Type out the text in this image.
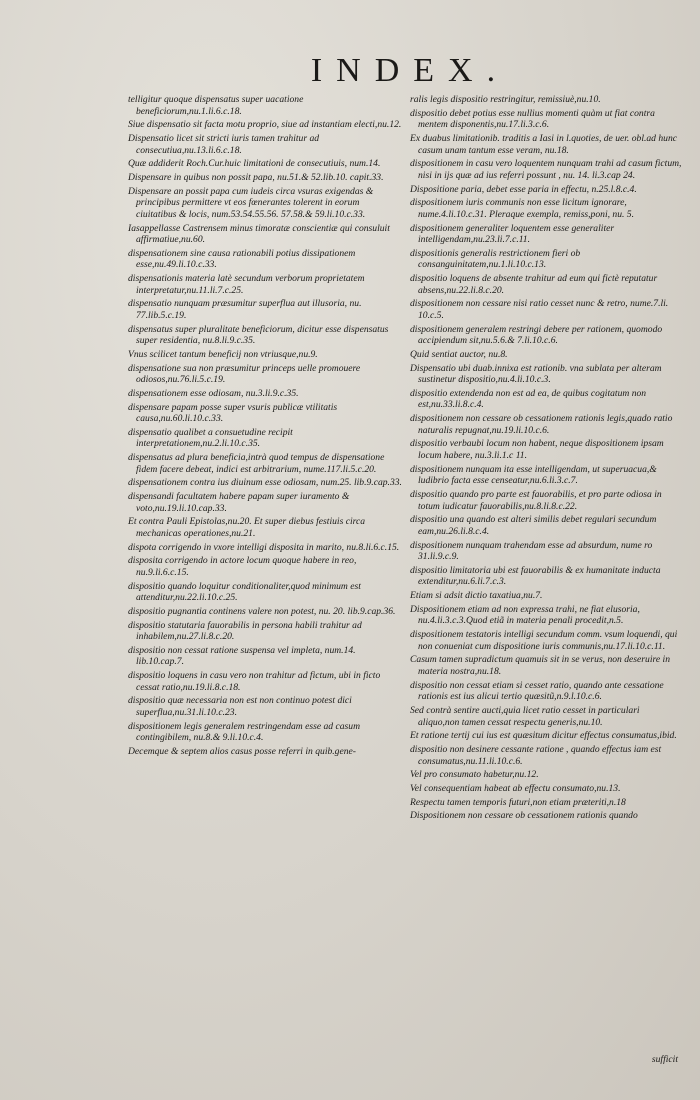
INDEX.

telligitur quoque dispensatus super uacatione beneficiorum,nu.1.li.6.c.18.

Siue dispensatio sit facta motu proprio, siue ad instantiam electi,nu.12.

Dispensatio licet sit stricti iuris tamen trahitur ad consecutiua,nu.13.li.6.c.18.

Quæ addiderit Roch.Cur.huic limitationi de consecutiuis, num.14.

Dispensare in quibus non possit papa, nu.51.& 52.lib.10. capit.33.

Dispensare an possit papa cum iudeis circa vsuras exigendas & principibus permittere vt eos fœnerantes tolerent in eorum ciuitatibus & locis, num.53.54.55.56. 57.58.& 59.li.10.c.33.

Iasappellasse Castrensem minus timoratæ conscientiæ qui consuluit affirmatiue,nu.60.

dispensationem sine causa rationabili potius dissipationem esse,nu.49.li.10.c.33.

dispensationis materia latè secundum verborum proprietatem interpretatur,nu.11.li.7.c.25.

dispensatio nunquam præsumitur superflua aut illusoria, nu. 77.lib.5.c.19.

dispensatus super pluralitate beneficiorum, dicitur esse dispensatus super residentia, nu.8.li.9.c.35.

Vnus scilicet tantum beneficij non vtriusque,nu.9.

dispensatione sua non præsumitur princeps uelle promouere odiosos,nu.76.li.5.c.19.

dispensationem esse odiosam, nu.3.li.9.c.35.

dispensare papam posse super vsuris publicæ vtilitatis causa,nu.60.li.10.c.33.

dispensatio qualibet a consuetudine recipit interpretationem,nu.2.li.10.c.35.

dispensatus ad plura beneficia,intrà quod tempus de dispensatione fidem facere debeat, indici est arbitrarium, nume.117.li.5.c.20.

dispensationem contra ius diuinum esse odiosam, num.25. lib.9.cap.33.

dispensandi facultatem habere papam super iuramento & voto,nu.19.li.10.cap.33.

Et contra Pauli Epistolas,nu.20. Et super diebus festiuis circa mechanicas operationes,nu.21.

dispota corrigendo in vxore intelligi disposita in marito, nu.8.li.6.c.15.

disposita corrigendo in actore locum quoque habere in reo, nu.9.li.6.c.15.

dispositio quando loquitur conditionaliter,quod minimum est attenditur,nu.22.li.10.c.25.

dispositio pugnantia continens valere non potest, nu. 20. lib.9.cap.36.

dispositio statutaria fauorabilis in persona habili trahitur ad inhabilem,nu.27.li.8.c.20.

dispositio non cessat ratione suspensa vel impleta, num.14. lib.10.cap.7.

dispositio loquens in casu vero non trahitur ad fictum, ubi in ficto cessat ratio,nu.19.li.8.c.18.

dispositio quæ necessaria non est non continuo potest dici superflua,nu.31.li.10.c.23.

dispositionem legis generalem restringendam esse ad casum contingibilem, nu.8.& 9.li.10.c.4.

Decemque & septem alios casus posse referri in quib.gene-

ralis legis dispositio restringitur, remissiuè,nu.10.

dispositio debet potius esse nullius momenti quàm ut fiat contra mentem disponentis,nu.17.li.3.c.6.

Ex duabus limitationib. traditis a Iasi in l.quoties, de uer. obl.ad hunc casum unam tantum esse veram, nu.18.

dispositionem in casu vero loquentem nunquam trahi ad casum fictum, nisi in ijs quæ ad ius referri possunt , nu. 14. li.3.cap 24.

Dispositione paria, debet esse paria in effectu, n.25.l.8.c.4.

dispositionem iuris communis non esse licitum ignorare, nume.4.li.10.c.31. Pleraque exempla, remiss,poni, nu. 5.

dispositionem generaliter loquentem esse generaliter intelligendam,nu.23.li.7.c.11.

dispositionis generalis restrictionem fieri ob consanguinitatem,nu.1.li.10.c.13.

dispositio loquens de absente trahitur ad eum qui fictè reputatur absens,nu.22.li.8.c.20.

dispositionem non cessare nisi ratio cesset nunc & retro, nume.7.li. 10.c.5.

dispositionem generalem restringi debere per rationem, quomodo accipiendum sit,nu.5.6.& 7.li.10.c.6.

Quid sentiat auctor, nu.8.

Dispensatio ubi duab.innixa est rationib. vna sublata per alteram sustinetur dispositio,nu.4.li.10.c.3.

dispositio extendenda non est ad ea, de quibus cogitatum non est,nu.33.li.8.c.4.

dispositionem non cessare ob cessationem rationis legis,quado ratio naturalis repugnat,nu.19.li.10.c.6.

dispositio verbaubi locum non habent, neque dispositionem ipsam locum habere, nu.3.li.1.c 11.

dispositionem nunquam ita esse intelligendam, ut superuacua,& ludibrio facta esse censeatur,nu.6.li.3.c.7.

dispositio quando pro parte est fauorabilis, et pro parte odiosa in totum iudicatur fauorabilis,nu.8.li.8.c.22.

dispositio una quando est alteri similis debet regulari secundum eam,nu.26.li.8.c.4.

dispositionem nunquam trahendam esse ad absurdum, nume ro 31.li.9.c.9.

dispositio limitatoria ubi est fauorabilis & ex humanitate inducta extenditur,nu.6.li.7.c.3.

Etiam si adsit dictio taxatiua,nu.7.

Dispositionem etiam ad non expressa trahi, ne fiat elusoria, nu.4.li.3.c.3.Quod etiã in materia penali procedit,n.5.

dispositionem testatoris intelligi secundum comm. vsum loquendi, qui non conueniat cum dispositione iuris communis,nu.17.li.10.c.11.

Casum tamen supradictum quamuis sit in se verus, non deseruire in materia nostra,nu.18.

dispositio non cessat etiam si cesset ratio, quando ante cessatione rationis est ius alicui tertio quæsitũ,n.9.l.10.c.6.

Sed contrà sentire aucti,quia licet ratio cesset in particulari aliquo,non tamen cessat respectu generis,nu.10.

Et ratione tertij cui ius est quæsitum dicitur effectus consumatus,ibid.

dispositio non desinere cessante ratione , quando effectus iam est consumatus,nu.11.li.10.c.6.

Vel pro consumato habetur,nu.12.

Vel consequentiam habeat ab effectu consumato,nu.13.

Respectu tamen temporis futuri,non etiam præteriti,n.18

Dispositionem non cessare ob cessationem rationis quando

sufficit
